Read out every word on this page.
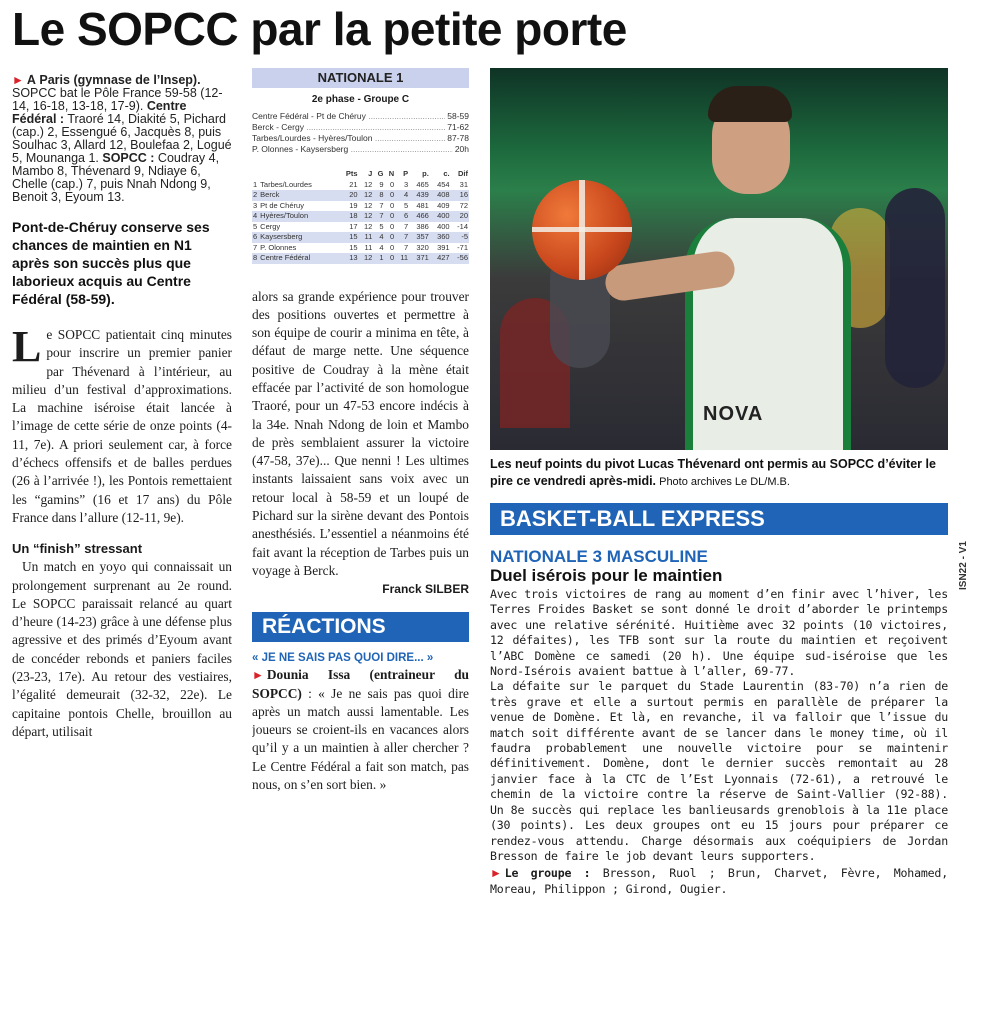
Le SOPCC par la petite porte

► À Paris (gymnase de l’Insep). SOPCC bat le Pôle France 59-58 (12-14, 16-18, 13-18, 17-9). Centre Fédéral : Traoré 14, Diakité 5, Pichard (cap.) 2, Essengué 6, Jacquès 8, puis Soulhac 3, Allard 12, Boulefaa 2, Logué 5, Mounanga 1. SOPCC : Coudray 4, Mambo 8, Thévenard 9, Ndiaye 6, Chelle (cap.) 7, puis Nnah Ndong 9, Benoit 3, Eyoum 13.

Pont-de-Chéruy conserve ses chances de maintien en N1 après son succès plus que laborieux acquis au Centre Fédéral (58-59).

Le SOPCC patientait cinq minutes pour inscrire un premier panier par Thévenard à l’intérieur, au milieu d’un festival d’approximations. La machine iséroise était lancée à l’image de cette série de onze points (4-11, 7e). A priori seulement car, à force d’échecs offensifs et de balles perdues (26 à l’arrivée !), les Pontois remettaient les “gamins” (16 et 17 ans) du Pôle France dans l’allure (12-11, 9e).

Un “finish” stressant

Un match en yoyo qui connaissait un prolongement surprenant au 2e round. Le SOPCC paraissait relancé au quart d’heure (14-23) grâce à une défense plus agressive et des primés d’Eyoum avant de concéder rebonds et paniers faciles (23-23, 17e). Au retour des vestiaires, l’égalité demeurait (32-32, 22e). Le capitaine pontois Chelle, brouillon au départ, utilisait

NATIONALE 1
2e phase - Groupe C
Centre Fédéral - Pt de Chéruy .....	58-59
Berck - Cergy .....	71-62
Tarbes/Lourdes - Hyères/Toulon .....	87-78
P. Olonnes - Kaysersberg .....	20h
	Pts	J	G	N	P	p.	c.	Dif
1 Tarbes/Lourdes	21	12	9	0	3	465	454	31
2 Berck	20	12	8	0	4	439	408	16
3 Pt de Chéruy	19	12	7	0	5	481	409	72
4 Hyères/Toulon	18	12	7	0	6	466	400	20
5 Cergy	17	12	5	0	7	386	400	-14
6 Kaysersberg	15	11	4	0	7	357	360	-5
7 P. Olonnes	15	11	4	0	7	320	391	-71
8 Centre Fédéral	13	12	1	0	11	371	427	-56

alors sa grande expérience pour trouver des positions ouvertes et permettre à son équipe de courir a minima en tête, à défaut de marge nette. Une séquence positive de Coudray à la mène était effacée par l’activité de son homologue Traoré, pour un 47-53 encore indécis à la 34e. Nnah Ndong de loin et Mambo de près semblaient assurer la victoire (47-58, 37e)... Que nenni ! Les ultimes instants laissaient sans voix avec un retour local à 58-59 et un loupé de Pichard sur la sirène devant des Pontois anesthésiés. L’essentiel a néanmoins été fait avant la réception de Tarbes puis un voyage à Berck.

Franck SILBER
RÉACTIONS
« JE NE SAIS PAS QUOI DIRE... »

► Dounia Issa (entraineur du SOPCC) : « Je ne sais pas quoi dire après un match aussi lamentable. Les joueurs se croient-ils en vacances alors qu’il y a un maintien à aller chercher ? Le Centre Fédéral a fait son match, pas nous, on s’en sort bien. »

NOVA
Les neuf points du pivot Lucas Thévenard ont permis au SOPCC d’éviter le pire ce vendredi après-midi. Photo archives Le DL/M.B.
BASKET-BALL EXPRESS
NATIONALE 3 MASCULINE
Duel isérois pour le maintien

Avec trois victoires de rang au moment d’en finir avec l’hiver, les Terres Froides Basket se sont donné le droit d’aborder le printemps avec une relative sérénité. Huitième avec 32 points (10 victoires, 12 défaites), les TFB sont sur la route du maintien et reçoivent l’ABC Domène ce samedi (20 h). Une équipe sud-iséroise que les Nord-Isérois avaient battue à l’aller, 69-77.

La défaite sur le parquet du Stade Laurentin (83-70) n’a rien de très grave et elle a surtout permis en parallèle de préparer la venue de Domène. Et là, en revanche, il va falloir que l’issue du match soit différente avant de se lancer dans le money time, où il faudra probablement une nouvelle victoire pour se maintenir définitivement. Domène, dont le dernier succès remontait au 28 janvier face à la CTC de l’Est Lyonnais (72-61), a retrouvé le chemin de la victoire contre la réserve de Saint-Vallier (92-88). Un 8e succès qui replace les banlieusards grenoblois à la 11e place (30 points). Les deux groupes ont eu 15 jours pour préparer ce rendez-vous attendu. Charge désormais aux coéquipiers de Jordan Bresson de faire le job devant leurs supporters.

► Le groupe : Bresson, Ruol ; Brun, Charvet, Fèvre, Mohamed, Moreau, Philippon ; Girond, Ougier.

ISN22 - V1
